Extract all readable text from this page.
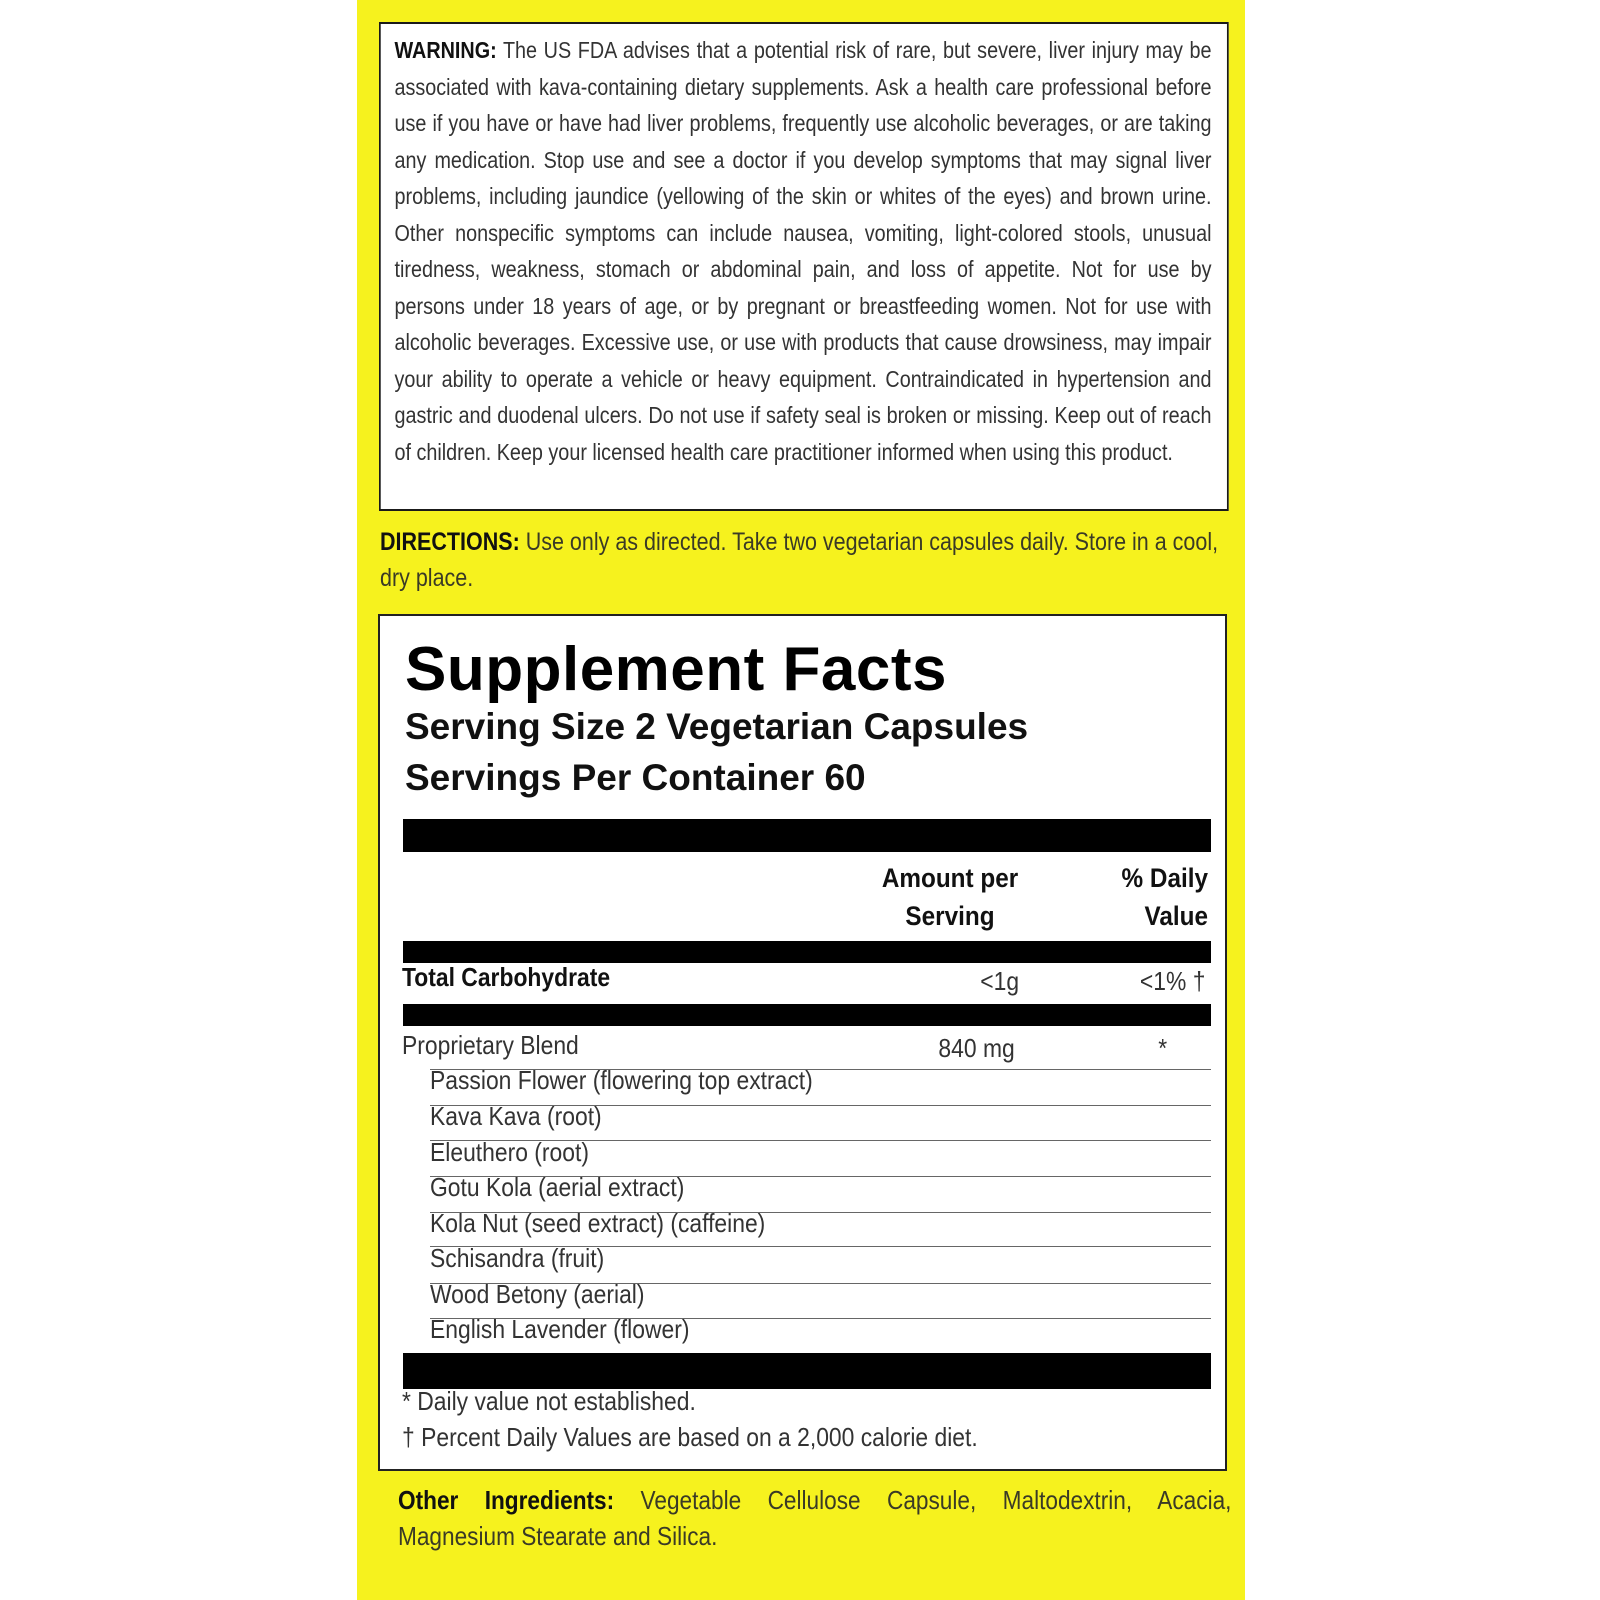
WARNING: The US FDA advises that a potential risk of rare, but severe, liver injury may be associated with kava-containing dietary supplements. Ask a health care professional before use if you have or have had liver problems, frequently use alcoholic beverages, or are taking any medication. Stop use and see a doctor if you develop symptoms that may signal liver problems, including jaundice (yellowing of the skin or whites of the eyes) and brown urine. Other nonspecific symptoms can include nausea, vomiting, light-colored stools, unusual tiredness, weakness, stomach or abdominal pain, and loss of appetite. Not for use by persons under 18 years of age, or by pregnant or breastfeeding women. Not for use with alcoholic beverages. Excessive use, or use with products that cause drowsiness, may impair your ability to operate a vehicle or heavy equipment. Contraindicated in hypertension and gastric and duodenal ulcers. Do not use if safety seal is broken or missing. Keep out of reach of children. Keep your licensed health care practitioner informed when using this product.
DIRECTIONS: Use only as directed. Take two vegetarian capsules daily. Store in a cool, dry place.
Supplement Facts
Serving Size 2 Vegetarian Capsules
Servings Per Container 60
Amount per
Serving
% Daily
Value
Total Carbohydrate	<1g	<1% †
Proprietary Blend	840 mg	*
Passion Flower (flowering top extract)
Kava Kava (root)
Eleuthero (root)
Gotu Kola (aerial extract)
Kola Nut (seed extract) (caffeine)
Schisandra (fruit)
Wood Betony (aerial)
English Lavender (flower)
* Daily value not established.
† Percent Daily Values are based on a 2,000 calorie diet.
Other Ingredients: Vegetable Cellulose Capsule, Maltodextrin, Acacia, Magnesium Stearate and Silica.
